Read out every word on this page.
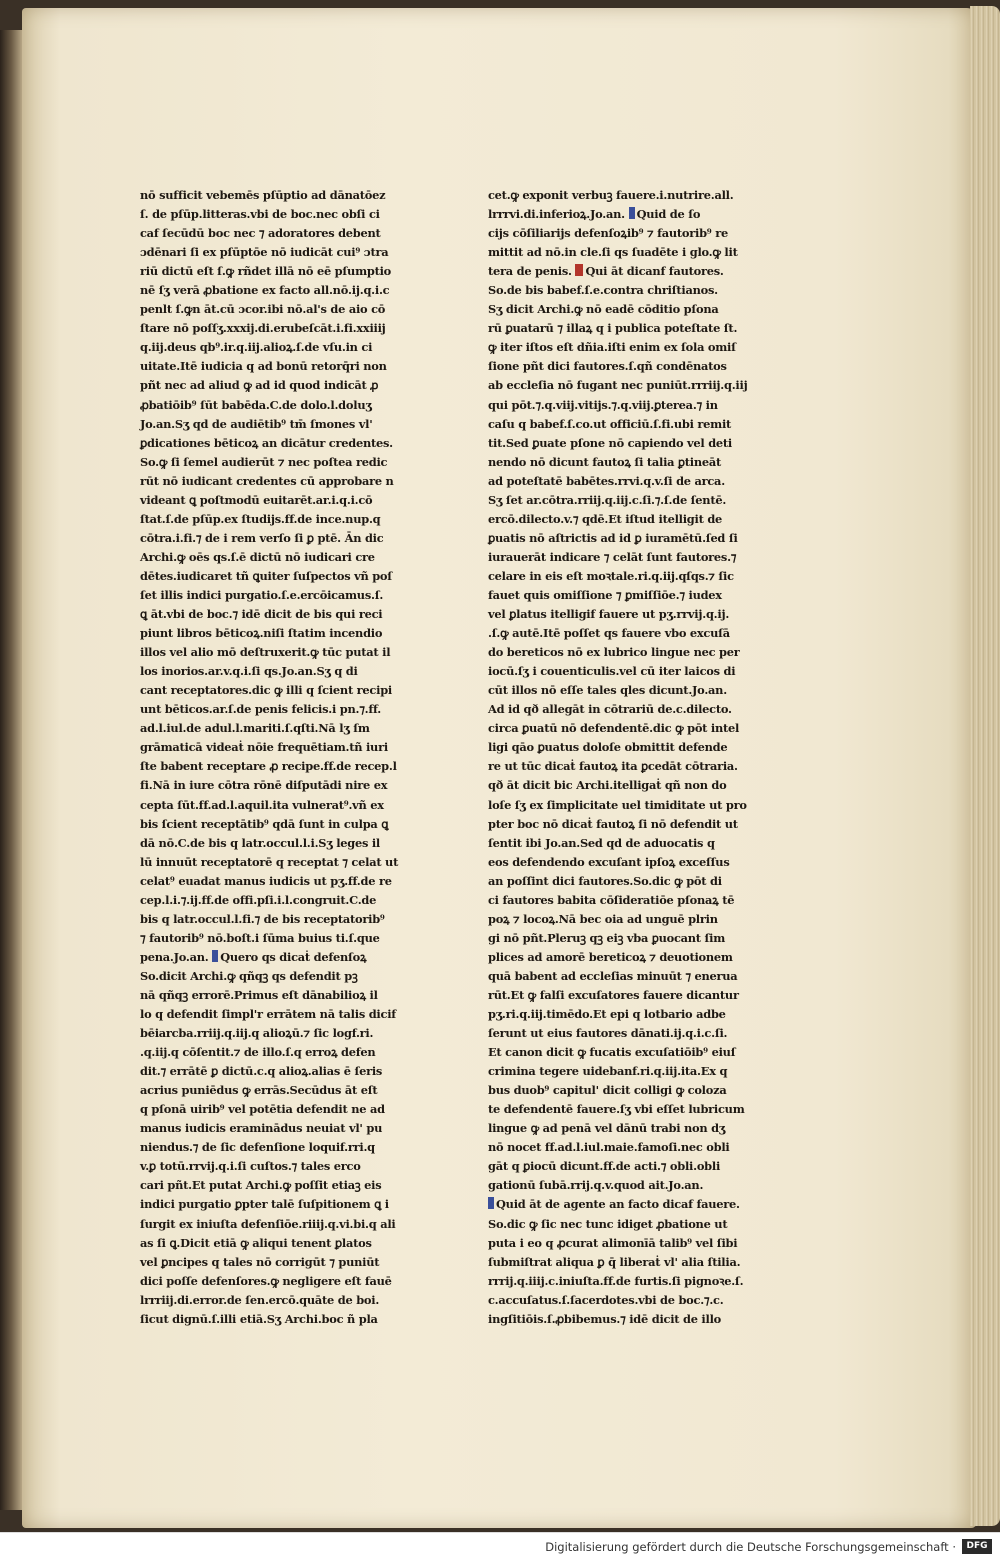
nō sufficit vebemēs pſūptio ad dānatōez
ſ. de pſūp.litteras.vbi de boc.nec obſi ci
caf ſecūdū boc nec ⁊ adoratores debent
ɔdēnari ſi ex pſūptōe nō iudicāt cui⁹ ɔtra
riū dictū eſt ſ.ꝙ rñdet illā nō eē pſumptio
nē ſʒ verā ꝓbatione ex facto all.nō.ij.q.i.c
penlt ſ.ꝙn āt.cū ɔcor.ibi nō.al's de aio cō
ſtare nō poſſʒ.xxxij.di.erubeſcāt.i.fi.xxiiij
q.iij.deus qb⁹.ir.q.iij.alioꝝ.ſ.de vſu.in ci
uitate.Itē iudicia q ad bonū retorq̄ri non
pñt nec ad aliud ꝙ ad id quod indicāt ꝓ
ꝓbatiōib⁹ ſūt babēda.C.de dolo.l.doluʒ
Jo.an.Sʒ qd de audiētib⁹ tm̄ ſmones vl'
ꝑdicationes bēticoꝝ an dicātur credentes.
So.ꝙ ſi ſemel audierūt ⁊ nec poſtea redic
rūt nō iudicant credentes cū approbare n
videant ꝗ poſtmodū euitarēt.ar.i.q.i.cō
ſtat.ſ.de pſūp.ex ſtudijs.ff.de ince.nup.q
cōtra.i.fi.⁊ de i rem verſo ſi ꝑ ptē. Ān dic
Archi.ꝙ oēs qs.ſ.ē dictū nō iudicari cre
dētes.iudicaret tñ ꝗuiter ſuſpectos vñ poſ
ſet illis indici purgatio.ſ.e.ercōicamus.ſ.
ꝗ āt.vbi de boc.⁊ idē dicit de bis qui reci
piunt libros bēticoꝝ.niſi ſtatim incendio
illos vel alio mō deſtruxerit.ꝙ tūc putat il
los inorios.ar.v.q.i.ſi qs.Jo.an.Sʒ q di
cant receptatores.dic ꝙ illi q ſcient recipi
unt bēticos.ar.ſ.de penis felicis.i pn.⁊.ff.
ad.l.iul.de adul.l.mariti.ſ.qſti.Nā lʒ ſm
grāmaticā videaṫ nōie frequētiam.tñ iuri
ſte babent receptare ꝓ recipe.ff.de recep.l
fi.Nā in iure cōtra rōnē diſputādi nire ex
cepta ſūt.ff.ad.l.aquil.ita vulnerat⁹.vñ ex
bis ſcient receptātib⁹ qdā ſunt in culpa ꝗ
dā nō.C.de bis q latr.occul.l.i.Sʒ leges il
lū innuūt receptatorē q receptat ⁊ celat ut
celat⁹ euadat manus iudicis ut pʒ.ff.de re
cep.l.i.⁊.ij.ff.de offi.pſi.i.l.congruit.C.de
bis q latr.occul.l.fi.⁊ de bis receptatorib⁹
⁊ fautorib⁹ nō.boſt.i ſūma buius ti.ſ.que
pena.Jo.an. Quero qs dicaṫ defenſoꝝ
So.dicit Archi.ꝙ qñqꝫ qs defendit pꝫ
nā qñqꝫ errorē.Primus eſt dānabilioꝝ il
lo q defendit ſimpl'r errātem nā talis dicif
bēiarcba.rriij.q.iij.q alioꝝū.⁊ ſic logf.ri.
.q.iij.q cōſentit.⁊ de illo.ſ.q erroꝝ defen
dit.⁊ errātē ꝑ dictū.c.q alioꝝ.alias ē ſeris
acrius puniēdus ꝙ errās.Secūdus āt eſt
q pſonā uirib⁹ vel potētia defendit ne ad
manus iudicis eraminādus neuiat vl' pu
niendus.⁊ de ſic defenſione loquif.rri.q
v.ꝑ totū.rrvij.q.i.ſi cuſtos.⁊ tales erco
cari pñt.Et putat Archi.ꝙ poſſit etiaꝫ eis
indici purgatio ꝑpter talē ſuſpitionem ꝗ i
ſurgit ex iniuſta defenſiōe.riiij.q.vi.bi.q ali
as ſi ꝗ.Dicit etiā ꝙ aliqui tenent ꝑlatos
vel ꝑncipes q tales nō corrigūt ⁊ puniūt
dici poſſe defenſores.ꝙ negligere eſt fauē
lrrriij.di.error.de ſen.ercō.quāte de boi.
ſicut dignū.ſ.illi etiā.Sʒ Archi.boc ñ pla
cet.ꝙ exponit verbuꝫ fauere.i.nutrire.all.
lrrrvi.di.inferioꝝ.Jo.an. Quid de ſo
cijs cōſiliarijs defenſoꝝib⁹ ⁊ fautorib⁹ re
mittit ad nō.in cle.ſi qs ſuadēte i glo.ꝙ lit
tera de penis. Qui āt dicanf fautores.
So.de bis babef.ſ.e.contra chriſtianos.
Sʒ dicit Archi.ꝙ nō eadē cōditio pſona
rū ꝑuatarū ⁊ illaꝝ q i publica poteſtate ſt.
ꝙ iter iſtos eſt dñia.iſti enim ex ſola omiſ
ſione pñt dici fautores.ſ.qñ condēnatos
ab eccleſia nō fugant nec puniūt.rrriij.q.iij
qui pōt.⁊.q.viij.vitijs.⁊.q.viij.ꝑterea.⁊ in
caſu q babef.ſ.co.ut officiū.ſ.fi.ubi remit
tit.Sed ꝑuate pſone nō capiendo vel deti
nendo nō dicunt fautoꝝ ſi talia ꝑtineāt
ad poteſtatē babētes.rrvi.q.v.ſi de arca.
Sʒ ſet ar.cōtra.rriij.q.iij.c.ſi.⁊.ſ.de ſentē.
ercō.dilecto.v.⁊ qdē.Et iſtud itelligit de
ꝑuatis nō aſtrictis ad id ꝑ iuramētū.ſed ſi
iurauerāt indicare ⁊ celāt ſunt fautores.⁊
celare in eis eſt moꝛtale.ri.q.iij.qſqs.⁊ ſic
fauet quis omiſſione ⁊ ꝑmiſſiōe.⁊ iudex
vel ꝑlatus itelligif fauere ut pʒ.rrvij.q.ij.
.ſ.ꝙ autē.Itē poſſet qs fauere vbo excuſā
do bereticos nō ex lubrico lingue nec per
iocū.ſʒ i couenticulis.vel cū iter laicos di
cūt illos nō eſſe tales qles dicunt.Jo.an.
Ad id qð allegāt in cōtrariū de.c.dilecto.
circa ꝑuatū nō defendentē.dic ꝙ pōt intel
ligi qāo ꝑuatus doloſe obmittit defende
re ut tūc dicaṫ fautoꝝ ita ꝑcedāt cōtraria.
qð āt dicit bic Archi.itelligaṫ qñ non do
loſe ſʒ ex ſimplicitate uel timiditate ut pro
pter boc nō dicaṫ fautoꝝ ſi nō defendit ut
ſentit ibi Jo.an.Sed qd de aduocatis q
eos defendendo excuſant ipſoꝝ exceſſus
an poſſint dici fautores.So.dic ꝙ pōt di
ci fautores babita cōſideratiōe pſonaꝝ tē
poꝝ ⁊ locoꝝ.Nā bec oia ad unguē plrin
gi nō pñt.Pleruꝫ qꝫ eiꝫ vba ꝑuocant ſim
plices ad amorē bereticoꝝ ⁊ deuotionem
quā babent ad eccleſias minuūt ⁊ enerua
rūt.Et ꝙ falſi excuſatores fauere dicantur
pʒ.ri.q.iij.timēdo.Et epi q lotbario adbe
ſerunt ut eius fautores dānati.ij.q.i.c.ſi.
Et canon dicit ꝙ fucatis excuſatiōib⁹ eiuſ
crimina tegere uidebanf.ri.q.iij.ita.Ex q
bus duob⁹ capitul' dicit colligi ꝙ coloza
te defendentē fauere.ſʒ vbi eſſet lubricum
lingue ꝙ ad penā vel dānū trabi non dʒ
nō nocet ff.ad.l.iul.maie.famoſi.nec obli
gāt q ꝑiocū dicunt.ff.de acti.⁊ obli.obli
gationū ſubā.rrij.q.v.quod ait.Jo.an.
Quid āt de agente an facto dicaf fauere.
So.dic ꝙ ſic nec tunc idiget ꝓbatione ut
puta i eo q ꝓcurat alimonīā talib⁹ vel ſibi
ſubmiſtrat aliqua ꝑ q̄ liberaṫ vl' alia ſtilia.
rrrij.q.iiij.c.iniuſta.ff.de furtis.ſi pignoꝛe.ſ.
c.accuſatus.ſ.ſacerdotes.vbi de boc.⁊.c.
ingſitiōis.ſ.ꝓbibemus.⁊ idē dicit de illo
Digitalisierung gefördert durch die Deutsche Forschungsgemeinschaft ·	DFG
